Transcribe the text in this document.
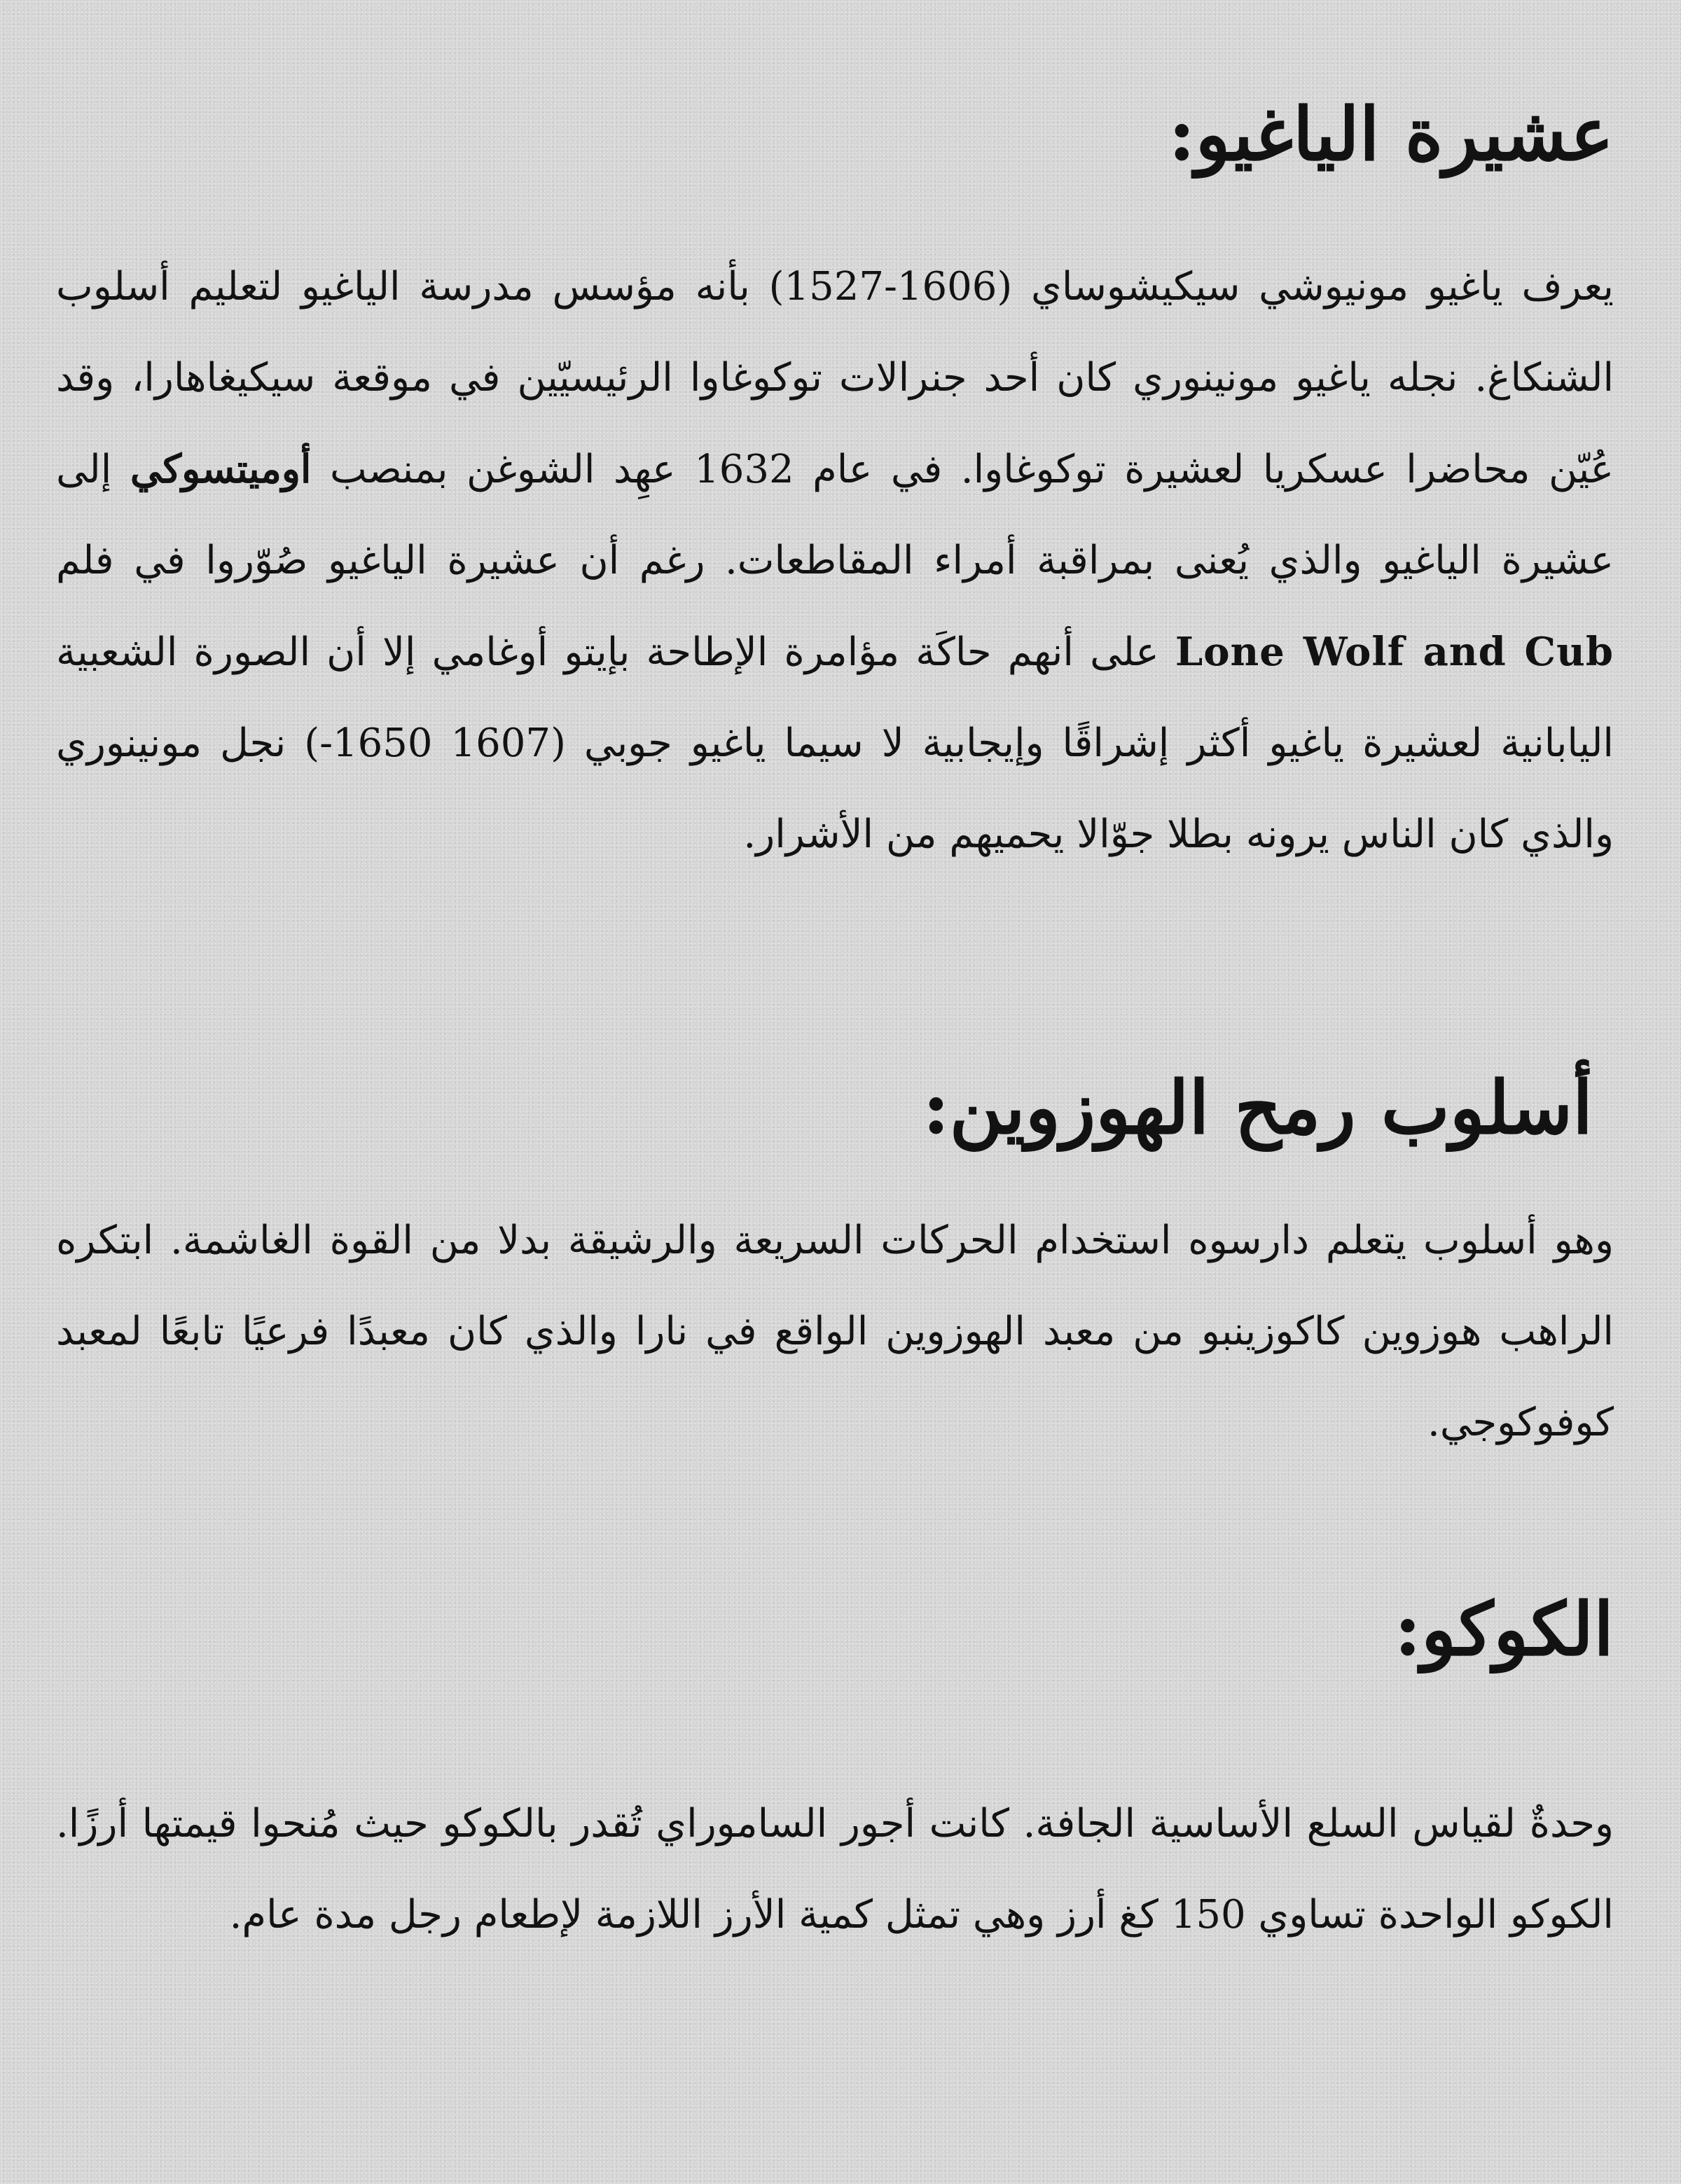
عشيرة الياغيو:

يعرف ياغيو مونيوشي سيكيشوساي (1606-1527) بأنه مؤسس مدرسة الياغيو لتعليم أسلوب الشنكاغ. نجله ياغيو مونينوري كان أحد جنرالات توكوغاوا الرئيسيّين في موقعة سيكيغاهارا، وقد عُيّن محاضرا عسكريا لعشيرة توكوغاوا. في عام 1632 عهِد الشوغن بمنصب أوميتسوكي إلى عشيرة الياغيو والذي يُعنى بمراقبة أمراء المقاطعات. رغم أن عشيرة الياغيو صُوّروا في فلم Lone Wolf and Cub على أنهم حاكَة مؤامرة الإطاحة بإيتو أوغامي إلا أن الصورة الشعبية اليابانية لعشيرة ياغيو أكثر إشراقًا وإيجابية لا سيما ياغيو جوبي (1607 1650-) نجل مونينوري والذي كان الناس يرونه بطلا جوّالا يحميهم من الأشرار.

أسلوب رمح الهوزوين:

وهو أسلوب يتعلم دارسوه استخدام الحركات السريعة والرشيقة بدلا من القوة الغاشمة. ابتكره الراهب هوزوين كاكوزينبو من معبد الهوزوين الواقع في نارا والذي كان معبدًا فرعيًا تابعًا لمعبد كوفوكوجي.

الكوكو:

وحدةٌ لقياس السلع الأساسية الجافة. كانت أجور الساموراي تُقدر بالكوكو حيث مُنحوا قيمتها أرزًا. الكوكو الواحدة تساوي 150 كغ أرز وهي تمثل كمية الأرز اللازمة لإطعام رجل مدة عام.
